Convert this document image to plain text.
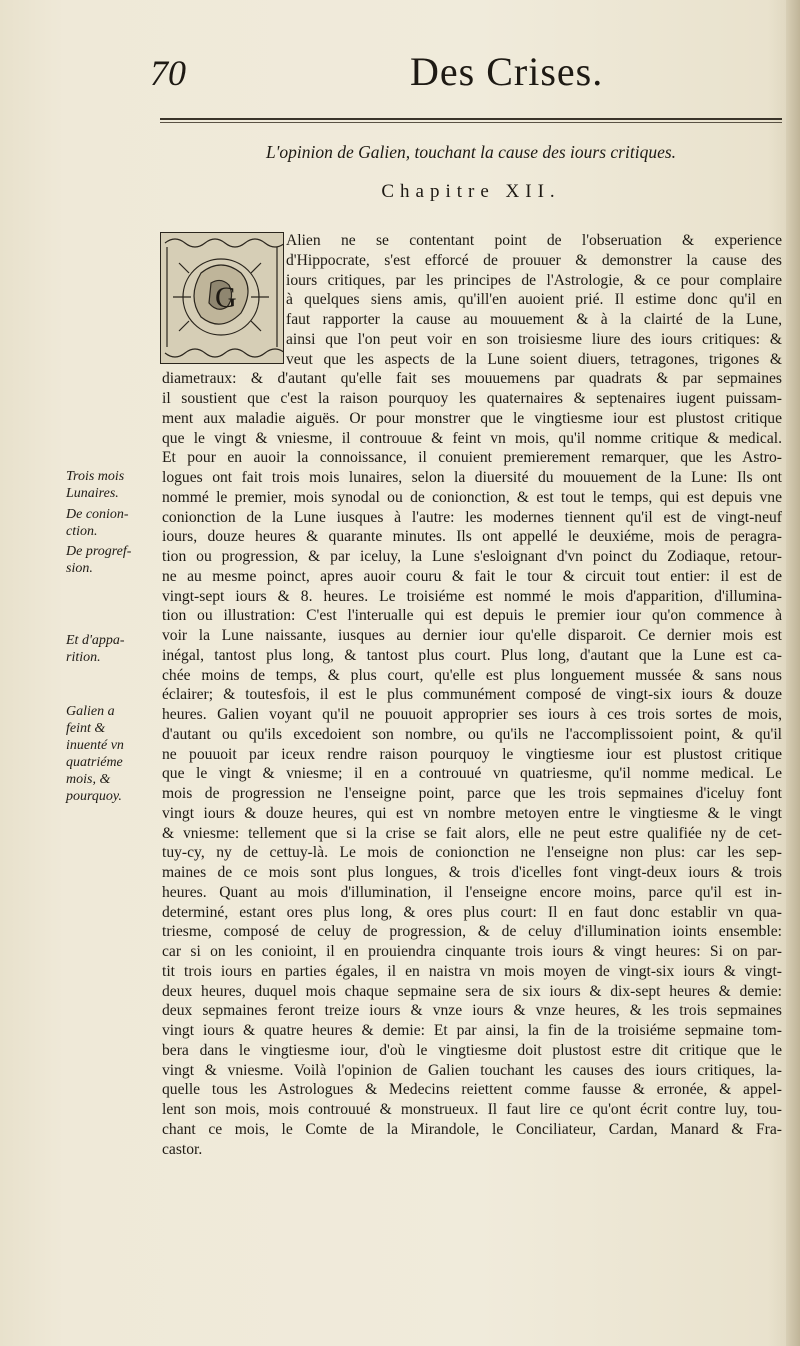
70	Des Crises.
L'opinion de Galien, touchant la cause des iours critiques.
Chapitre XII.
G
Alien ne se contentant point de l'obseruation & experience
d'Hippocrate, s'est efforcé de prouuer & demonstrer la cause des
iours critiques, par les principes de l'Astrologie, & ce pour complaire
à quelques siens amis, qu'ill'en auoient prié. Il estime donc qu'il en
faut rapporter la cause au mouuement & à la clairté de la Lune,
ainsi que l'on peut voir en son troisiesme liure des iours critiques: &
veut que les aspects de la Lune soient diuers, tetragones, trigones &
diametraux: & d'autant qu'elle fait ses mouuemens par quadrats & par sepmaines
il soustient que c'est la raison pourquoy les quaternaires & septenaires iugent puissam-
ment aux maladie aiguës. Or pour monstrer que le vingtiesme iour est plustost critique
que le vingt & vniesme, il controuue & feint vn mois, qu'il nomme critique & medical.
Et pour en auoir la connoissance, il conuient premierement remarquer, que les Astro-
logues ont fait trois mois lunaires, selon la diuersité du mouuement de la Lune: Ils ont
nommé le premier, mois synodal ou de conionction, & est tout le temps, qui est depuis vne
conionction de la Lune iusques à l'autre: les modernes tiennent qu'il est de vingt-neuf
iours, douze heures & quarante minutes. Ils ont appellé le deuxiéme, mois de peragra-
tion ou progression, & par iceluy, la Lune s'esloignant d'vn poinct du Zodiaque, retour-
ne au mesme poinct, apres auoir couru & fait le tour & circuit tout entier: il est de
vingt-sept iours & 8. heures. Le troisiéme est nommé le mois d'apparition, d'illumina-
tion ou illustration: C'est l'interualle qui est depuis le premier iour qu'on commence à
voir la Lune naissante, iusques au dernier iour qu'elle disparoit. Ce dernier mois est
inégal, tantost plus long, & tantost plus court. Plus long, d'autant que la Lune est ca-
chée moins de temps, & plus court, qu'elle est plus longuement mussée & sans nous
éclairer; & toutesfois, il est le plus communément composé de vingt-six iours & douze
heures. Galien voyant qu'il ne pouuoit approprier ses iours à ces trois sortes de mois,
d'autant ou qu'ils excedoient son nombre, ou qu'ils ne l'accomplissoient point, & qu'il
ne pouuoit par iceux rendre raison pourquoy le vingtiesme iour est plustost critique
que le vingt & vniesme; il en a controuué vn quatriesme, qu'il nomme medical. Le
mois de progression ne l'enseigne point, parce que les trois sepmaines d'iceluy font
vingt iours & douze heures, qui est vn nombre metoyen entre le vingtiesme & le vingt
& vniesme: tellement que si la crise se fait alors, elle ne peut estre qualifiée ny de cet-
tuy-cy, ny de cettuy-là. Le mois de conionction ne l'enseigne non plus: car les sep-
maines de ce mois sont plus longues, & trois d'icelles font vingt-deux iours & trois
heures. Quant au mois d'illumination, il l'enseigne encore moins, parce qu'il est in-
determiné, estant ores plus long, & ores plus court: Il en faut donc establir vn qua-
triesme, composé de celuy de progression, & de celuy d'illumination ioints ensemble:
car si on les conioint, il en prouiendra cinquante trois iours & vingt heures: Si on par-
tit trois iours en parties égales, il en naistra vn mois moyen de vingt-six iours & vingt-
deux heures, duquel mois chaque sepmaine sera de six iours & dix-sept heures & demie:
deux sepmaines feront treize iours & vnze iours & vnze heures, & les trois sepmaines
vingt iours & quatre heures & demie: Et par ainsi, la fin de la troisiéme sepmaine tom-
bera dans le vingtiesme iour, d'où le vingtiesme doit plustost estre dit critique que le
vingt & vniesme. Voilà l'opinion de Galien touchant les causes des iours critiques, la-
quelle tous les Astrologues & Medecins reiettent comme fausse & erronée, & appel-
lent son mois, mois controuué & monstrueux. Il faut lire ce qu'ont écrit contre luy, tou-
chant ce mois, le Comte de la Mirandole, le Conciliateur, Cardan, Manard & Fra-
castor.
Trois mois
Lunaires.
De conion-
ction.
De progref-
sion.
Et d'appa-
rition.
Galien a
feint &
inuenté vn
quatriéme
mois, &
pourquoy.
